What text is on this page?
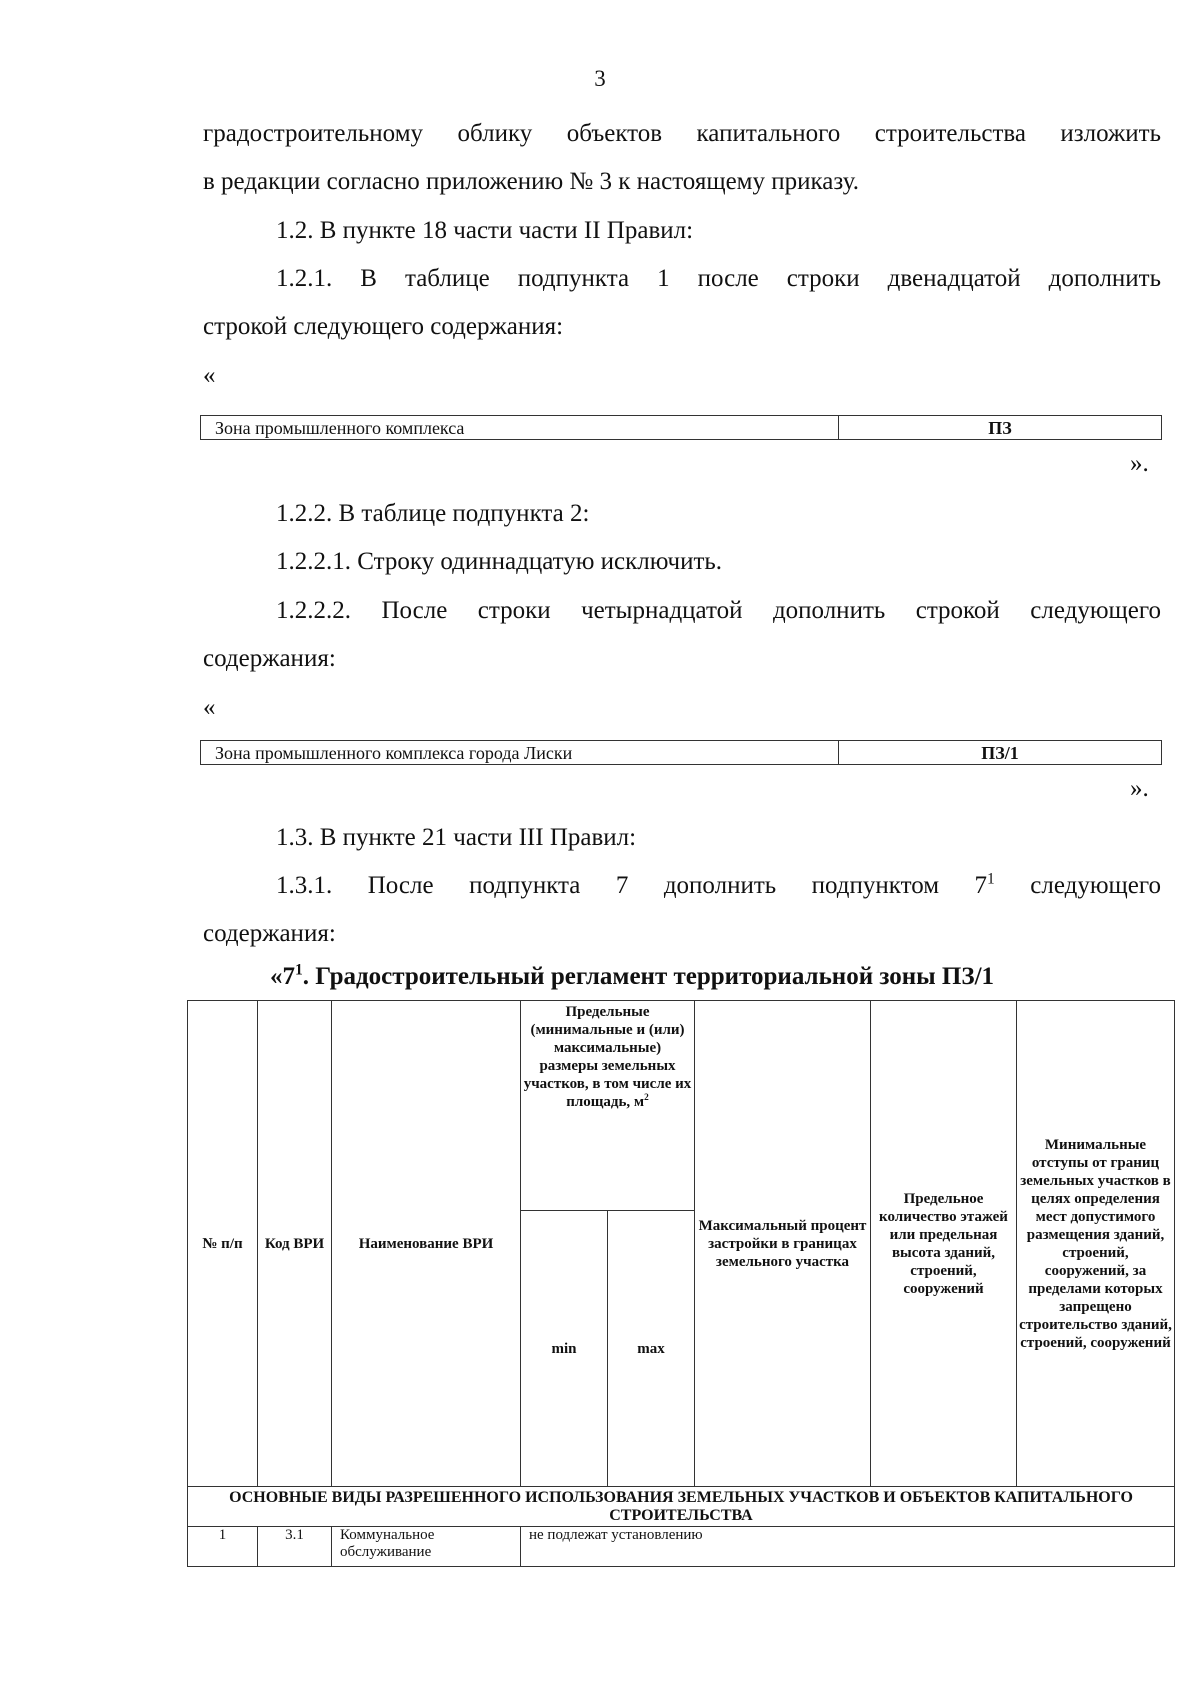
3
градостроительному облику объектов капитального строительства изложить
в редакции согласно приложению № 3 к настоящему приказу.
1.2. В пункте 18 части части II Правил:
1.2.1. В таблице подпункта 1 после строки двенадцатой дополнить
строкой следующего содержания:
«
Зона промышленного комплекса	ПЗ
».
1.2.2. В таблице подпункта 2:
1.2.2.1. Строку одиннадцатую исключить.
1.2.2.2. После строки четырнадцатой дополнить строкой следующего
содержания:
«
Зона промышленного комплекса города Лиски	ПЗ/1
».
1.3. В пункте 21 части III Правил:
1.3.1. После подпункта 7 дополнить подпунктом $7^1$ следующего
содержания:
«$7^1$. Градостроительный регламент территориальной зоны ПЗ/1
№ п/п	Код ВРИ	Наименование ВРИ	Предельные (минимальные и (или) максимальные) размеры земельных участков, в том числе их площадь, $м^2$		Максимальный процент застройки в границах земельного участка	Предельное количество этажей или предельная высота зданий, строений, сооружений	Минимальные отступы от границ земельных участков в целях определения мест допустимого размещения зданий, строений, сооружений, за пределами которых запрещено строительство зданий, строений, сооружений
			min	max			
ОСНОВНЫЕ ВИДЫ РАЗРЕШЕННОГО ИСПОЛЬЗОВАНИЯ ЗЕМЕЛЬНЫХ УЧАСТКОВ И ОБЪЕКТОВ КАПИТАЛЬНОГО СТРОИТЕЛЬСТВА							
1	3.1	Коммунальное обслуживание	не подлежат установлению				
